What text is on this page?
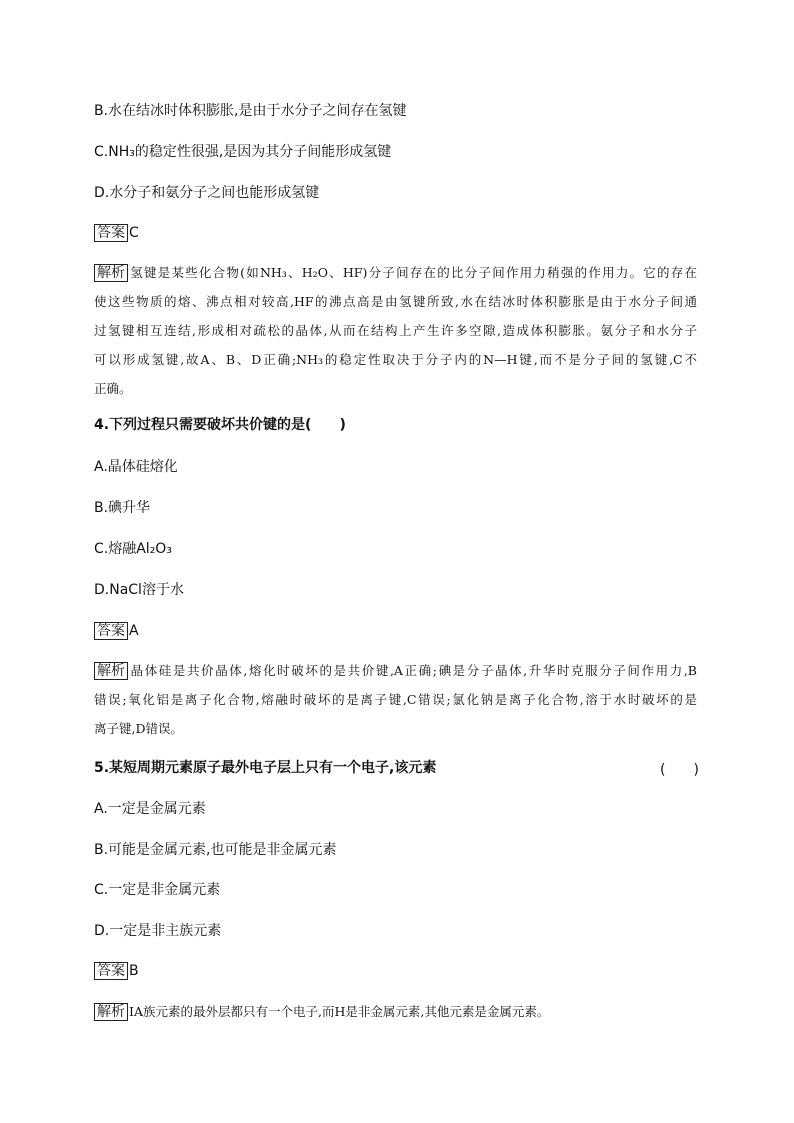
B.水在结冰时体积膨胀,是由于水分子之间存在氢键
C.NH₃的稳定性很强,是因为其分子间能形成氢键
D.水分子和氨分子之间也能形成氢键
答案 C
解析 氢键是某些化合物(如NH₃、H₂O、HF)分子间存在的比分子间作用力稍强的作用力。它的存在
使这些物质的熔、沸点相对较高,HF的沸点高是由氢键所致,水在结冰时体积膨胀是由于水分子间通
过氢键相互连结,形成相对疏松的晶体,从而在结构上产生许多空隙,造成体积膨胀。氨分子和水分子
可以形成氢键,故A、B、D正确;NH₃的稳定性取决于分子内的N—H键,而不是分子间的氢键,C不
正确。
4.下列过程只需要破坏共价键的是(　　)
A.晶体硅熔化
B.碘升华
C.熔融Al₂O₃
D.NaCl溶于水
答案 A
解析 晶体硅是共价晶体,熔化时破坏的是共价键,A正确;碘是分子晶体,升华时克服分子间作用力,B
错误;氧化铝是离子化合物,熔融时破坏的是离子键,C错误;氯化钠是离子化合物,溶于水时破坏的是
离子键,D错误。
5.某短周期元素原子最外电子层上只有一个电子,该元素	(　　)
A.一定是金属元素
B.可能是金属元素,也可能是非金属元素
C.一定是非金属元素
D.一定是非主族元素
答案 B
解析 ⅠA族元素的最外层都只有一个电子,而H是非金属元素,其他元素是金属元素。
